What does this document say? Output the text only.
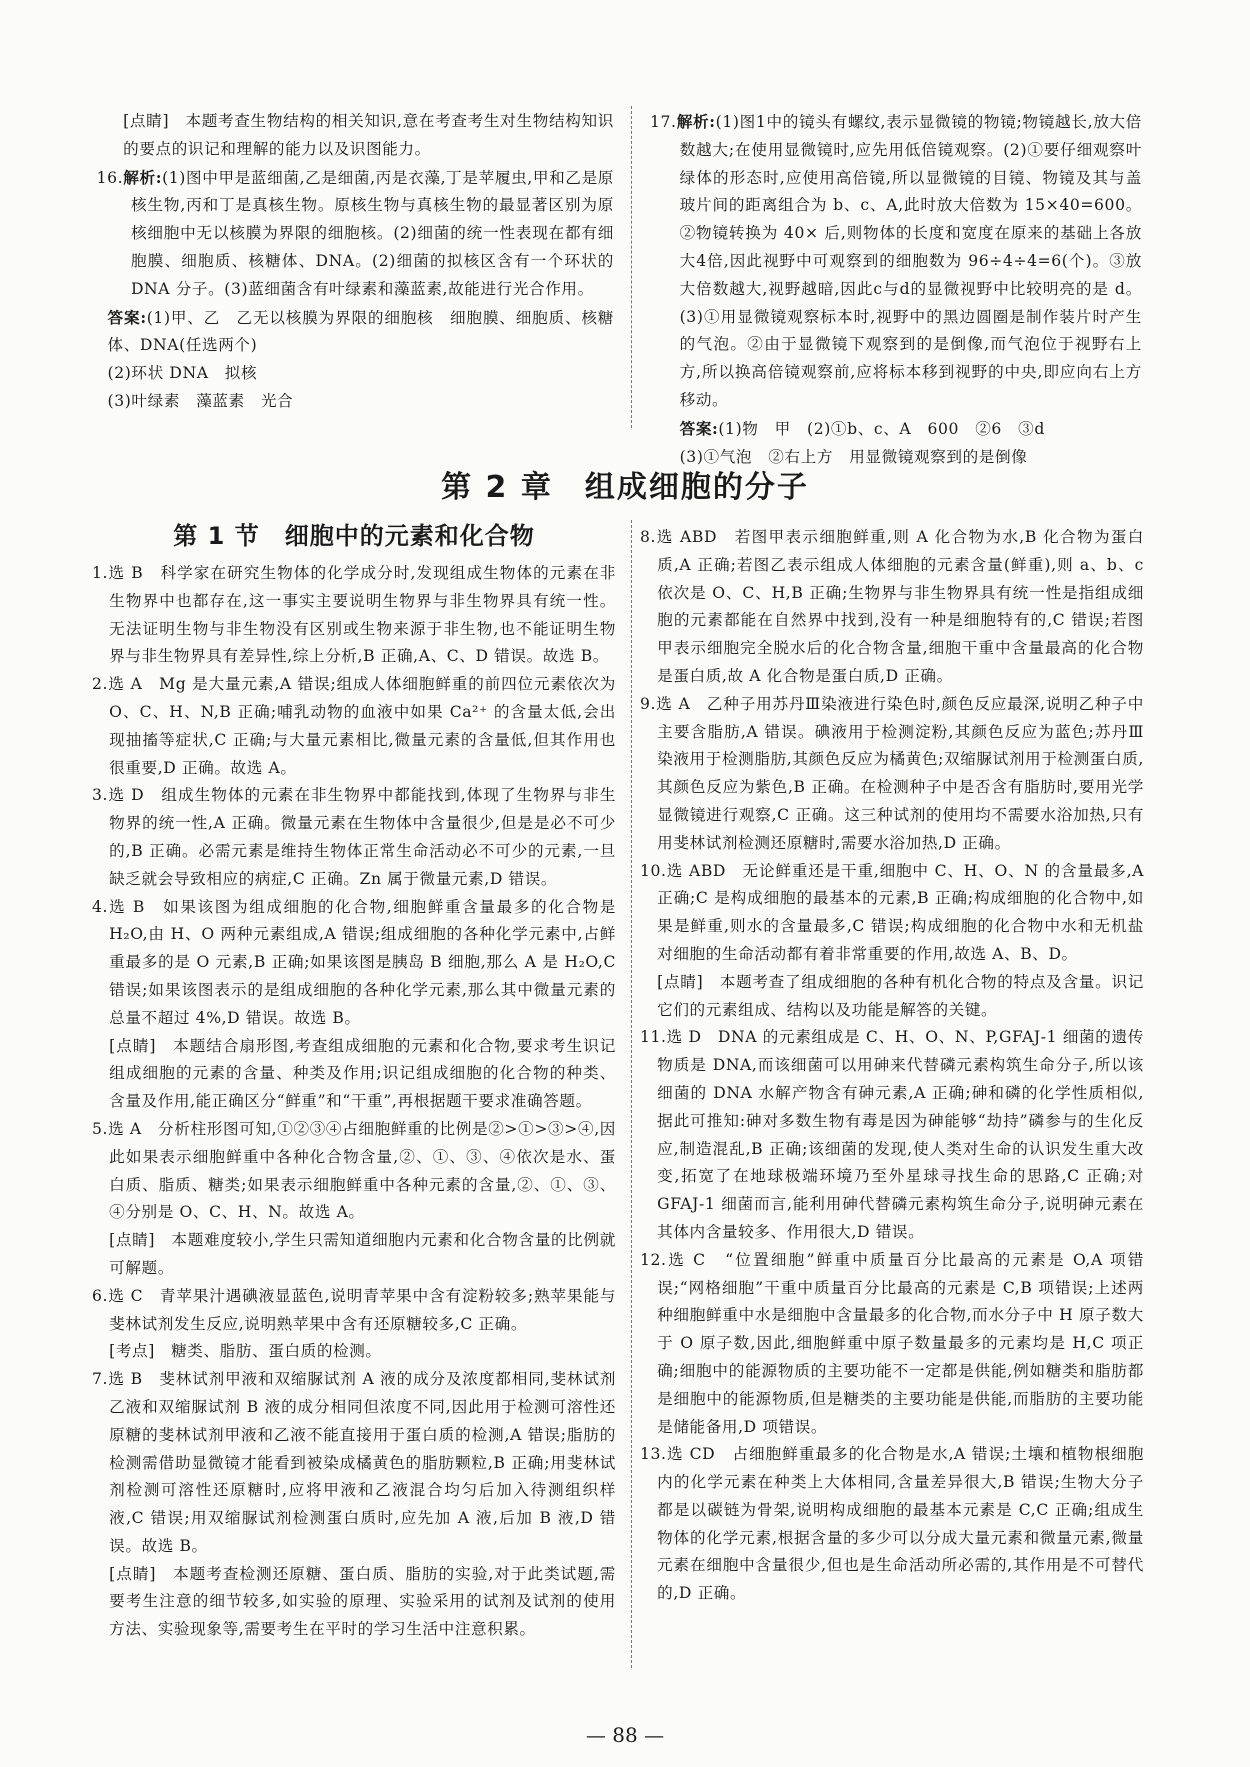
[点睛]　 本题考查生物结构的相关知识,意在考查考生对生物结构知识的要点的识记和理解的能力以及识图能力。

16.解析:(1)图中甲是蓝细菌,乙是细菌,丙是衣藻,丁是苹履虫,甲和乙是原核生物,丙和丁是真核生物。原核生物与真核生物的最显著区别为原核细胞中无以核膜为界限的细胞核。(2)细菌的统一性表现在都有细胞膜、细胞质、核糖体、DNA。(2)细菌的拟核区含有一个环状的 DNA 分子。(3)蓝细菌含有叶绿素和藻蓝素,故能进行光合作用。

答案:(1)甲、乙　乙无以核膜为界限的细胞核　细胞膜、细胞质、核糖体、DNA(任选两个)

(2)环状 DNA　拟核

(3)叶绿素　藻蓝素　光合

17.解析:(1)图1中的镜头有螺纹,表示显微镜的物镜;物镜越长,放大倍数越大;在使用显微镜时,应先用低倍镜观察。(2)①要仔细观察叶绿体的形态时,应使用高倍镜,所以显微镜的目镜、物镜及其与盖玻片间的距离组合为 b、c、A,此时放大倍数为 15×40=600。②物镜转换为 40× 后,则物体的长度和宽度在原来的基础上各放大4倍,因此视野中可观察到的细胞数为 96÷4÷4=6(个)。③放大倍数越大,视野越暗,因此c与d的显微视野中比较明亮的是 d。(3)①用显微镜观察标本时,视野中的黑边圆圈是制作装片时产生的气泡。②由于显微镜下观察到的是倒像,而气泡位于视野右上方,所以换高倍镜观察前,应将标本移到视野的中央,即应向右上方移动。

答案:(1)物　甲　(2)①b、c、A　600　②6　③d

(3)①气泡　②右上方　用显微镜观察到的是倒像

第 2 章　组成细胞的分子
第 1 节　细胞中的元素和化合物

1.选 B　科学家在研究生物体的化学成分时,发现组成生物体的元素在非生物界中也都存在,这一事实主要说明生物界与非生物界具有统一性。无法证明生物与非生物没有区别或生物来源于非生物,也不能证明生物界与非生物界具有差异性,综上分析,B 正确,A、C、D 错误。故选 B。

2.选 A　Mg 是大量元素,A 错误;组成人体细胞鲜重的前四位元素依次为 O、C、H、N,B 正确;哺乳动物的血液中如果 Ca²⁺ 的含量太低,会出现抽搐等症状,C 正确;与大量元素相比,微量元素的含量低,但其作用也很重要,D 正确。故选 A。

3.选 D　组成生物体的元素在非生物界中都能找到,体现了生物界与非生物界的统一性,A 正确。微量元素在生物体中含量很少,但是是必不可少的,B 正确。必需元素是维持生物体正常生命活动必不可少的元素,一旦缺乏就会导致相应的病症,C 正确。Zn 属于微量元素,D 错误。

4.选 B　如果该图为组成细胞的化合物,细胞鲜重含量最多的化合物是 H₂O,由 H、O 两种元素组成,A 错误;组成细胞的各种化学元素中,占鲜重最多的是 O 元素,B 正确;如果该图是胰岛 B 细胞,那么 A 是 H₂O,C 错误;如果该图表示的是组成细胞的各种化学元素,那么其中微量元素的总量不超过 4%,D 错误。故选 B。

[点睛]　本题结合扇形图,考查组成细胞的元素和化合物,要求考生识记组成细胞的元素的含量、种类及作用;识记组成细胞的化合物的种类、含量及作用,能正确区分“鲜重”和“干重”,再根据题干要求准确答题。

5.选 A　分析柱形图可知,①②③④占细胞鲜重的比例是②>①>③>④,因此如果表示细胞鲜重中各种化合物含量,②、①、③、④依次是水、蛋白质、脂质、糖类;如果表示细胞鲜重中各种元素的含量,②、①、③、④分别是 O、C、H、N。故选 A。

[点睛]　本题难度较小,学生只需知道细胞内元素和化合物含量的比例就可解题。

6.选 C　青苹果汁遇碘液显蓝色,说明青苹果中含有淀粉较多;熟苹果能与斐林试剂发生反应,说明熟苹果中含有还原糖较多,C 正确。

[考点]　糖类、脂肪、蛋白质的检测。

7.选 B　斐林试剂甲液和双缩脲试剂 A 液的成分及浓度都相同,斐林试剂乙液和双缩脲试剂 B 液的成分相同但浓度不同,因此用于检测可溶性还原糖的斐林试剂甲液和乙液不能直接用于蛋白质的检测,A 错误;脂肪的检测需借助显微镜才能看到被染成橘黄色的脂肪颗粒,B 正确;用斐林试剂检测可溶性还原糖时,应将甲液和乙液混合均匀后加入待测组织样液,C 错误;用双缩脲试剂检测蛋白质时,应先加 A 液,后加 B 液,D 错误。故选 B。

[点睛]　本题考查检测还原糖、蛋白质、脂肪的实验,对于此类试题,需要考生注意的细节较多,如实验的原理、实验采用的试剂及试剂的使用方法、实验现象等,需要考生在平时的学习生活中注意积累。

8.选 ABD　若图甲表示细胞鲜重,则 A 化合物为水,B 化合物为蛋白质,A 正确;若图乙表示组成人体细胞的元素含量(鲜重),则 a、b、c 依次是 O、C、H,B 正确;生物界与非生物界具有统一性是指组成细胞的元素都能在自然界中找到,没有一种是细胞特有的,C 错误;若图甲表示细胞完全脱水后的化合物含量,细胞干重中含量最高的化合物是蛋白质,故 A 化合物是蛋白质,D 正确。

9.选 A　乙种子用苏丹Ⅲ染液进行染色时,颜色反应最深,说明乙种子中主要含脂肪,A 错误。碘液用于检测淀粉,其颜色反应为蓝色;苏丹Ⅲ染液用于检测脂肪,其颜色反应为橘黄色;双缩脲试剂用于检测蛋白质,其颜色反应为紫色,B 正确。在检测种子中是否含有脂肪时,要用光学显微镜进行观察,C 正确。这三种试剂的使用均不需要水浴加热,只有用斐林试剂检测还原糖时,需要水浴加热,D 正确。

10.选 ABD　无论鲜重还是干重,细胞中 C、H、O、N 的含量最多,A 正确;C 是构成细胞的最基本的元素,B 正确;构成细胞的化合物中,如果是鲜重,则水的含量最多,C 错误;构成细胞的化合物中水和无机盐对细胞的生命活动都有着非常重要的作用,故选 A、B、D。

[点睛]　本题考查了组成细胞的各种有机化合物的特点及含量。识记它们的元素组成、结构以及功能是解答的关键。

11.选 D　DNA 的元素组成是 C、H、O、N、P,GFAJ-1 细菌的遗传物质是 DNA,而该细菌可以用砷来代替磷元素构筑生命分子,所以该细菌的 DNA 水解产物含有砷元素,A 正确;砷和磷的化学性质相似,据此可推知:砷对多数生物有毒是因为砷能够“劫持”磷参与的生化反应,制造混乱,B 正确;该细菌的发现,使人类对生命的认识发生重大改变,拓宽了在地球极端环境乃至外星球寻找生命的思路,C 正确;对 GFAJ-1 细菌而言,能利用砷代替磷元素构筑生命分子,说明砷元素在其体内含量较多、作用很大,D 错误。

12.选 C　“位置细胞”鲜重中质量百分比最高的元素是 O,A 项错误;“网格细胞”干重中质量百分比最高的元素是 C,B 项错误;上述两种细胞鲜重中水是细胞中含量最多的化合物,而水分子中 H 原子数大于 O 原子数,因此,细胞鲜重中原子数量最多的元素均是 H,C 项正确;细胞中的能源物质的主要功能不一定都是供能,例如糖类和脂肪都是细胞中的能源物质,但是糖类的主要功能是供能,而脂肪的主要功能是储能备用,D 项错误。

13.选 CD　占细胞鲜重最多的化合物是水,A 错误;土壤和植物根细胞内的化学元素在种类上大体相同,含量差异很大,B 错误;生物大分子都是以碳链为骨架,说明构成细胞的最基本元素是 C,C 正确;组成生物体的化学元素,根据含量的多少可以分成大量元素和微量元素,微量元素在细胞中含量很少,但也是生命活动所必需的,其作用是不可替代的,D 正确。

— 88 —
